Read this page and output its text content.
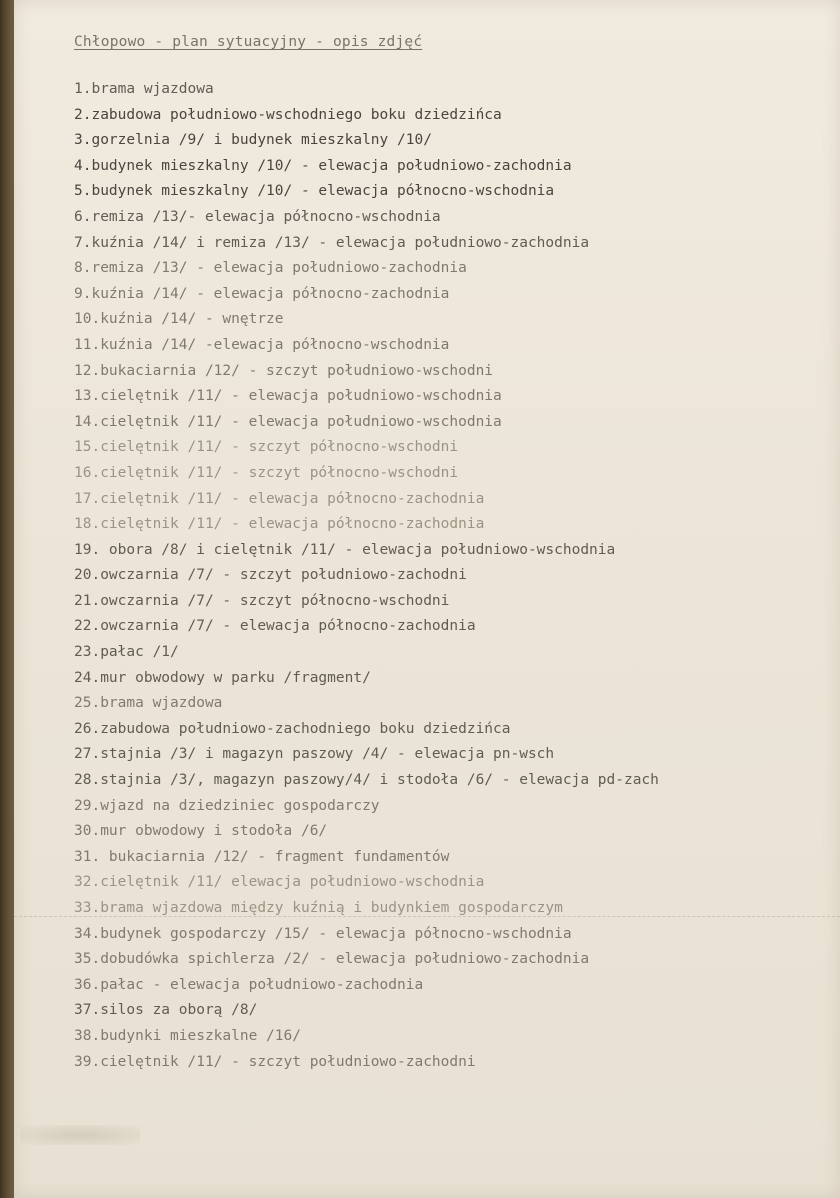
Chłopowo - plan sytuacyjny - opis zdjęć
1.brama wjazdowa
2.zabudowa południowo-wschodniego boku dziedzińca
3.gorzelnia /9/ i budynek mieszkalny /10/
4.budynek mieszkalny /10/ - elewacja południowo-zachodnia
5.budynek mieszkalny /10/ - elewacja północno-wschodnia
6.remiza /13/- elewacja północno-wschodnia
7.kuźnia /14/ i remiza /13/ - elewacja południowo-zachodnia
8.remiza /13/ - elewacja południowo-zachodnia
9.kuźnia /14/ - elewacja północno-zachodnia
10.kuźnia /14/ - wnętrze
11.kuźnia /14/ -elewacja północno-wschodnia
12.bukaciarnia /12/ - szczyt południowo-wschodni
13.cielętnik /11/ - elewacja południowo-wschodnia
14.cielętnik /11/ - elewacja południowo-wschodnia
15.cielętnik /11/ - szczyt północno-wschodni
16.cielętnik /11/ - szczyt północno-wschodni
17.cielętnik /11/ - elewacja północno-zachodnia
18.cielętnik /11/ - elewacja północno-zachodnia
19. obora /8/ i cielętnik /11/ - elewacja południowo-wschodnia
20.owczarnia /7/ - szczyt południowo-zachodni
21.owczarnia /7/ - szczyt północno-wschodni
22.owczarnia /7/ - elewacja północno-zachodnia
23.pałac /1/
24.mur obwodowy w parku /fragment/
25.brama wjazdowa
26.zabudowa południowo-zachodniego boku dziedzińca
27.stajnia /3/ i magazyn paszowy /4/ - elewacja pn-wsch
28.stajnia /3/, magazyn paszowy/4/ i stodoła /6/ - elewacja pd-zach
29.wjazd na dziedziniec gospodarczy
30.mur obwodowy i stodoła /6/
31. bukaciarnia /12/ - fragment fundamentów
32.cielętnik /11/ elewacja południowo-wschodnia
33.brama wjazdowa między kuźnią i budynkiem gospodarczym
34.budynek gospodarczy /15/ - elewacja północno-wschodnia
35.dobudówka spichlerza /2/ - elewacja południowo-zachodnia
36.pałac - elewacja południowo-zachodnia
37.silos za oborą /8/
38.budynki mieszkalne /16/
39.cielętnik /11/ - szczyt południowo-zachodni
